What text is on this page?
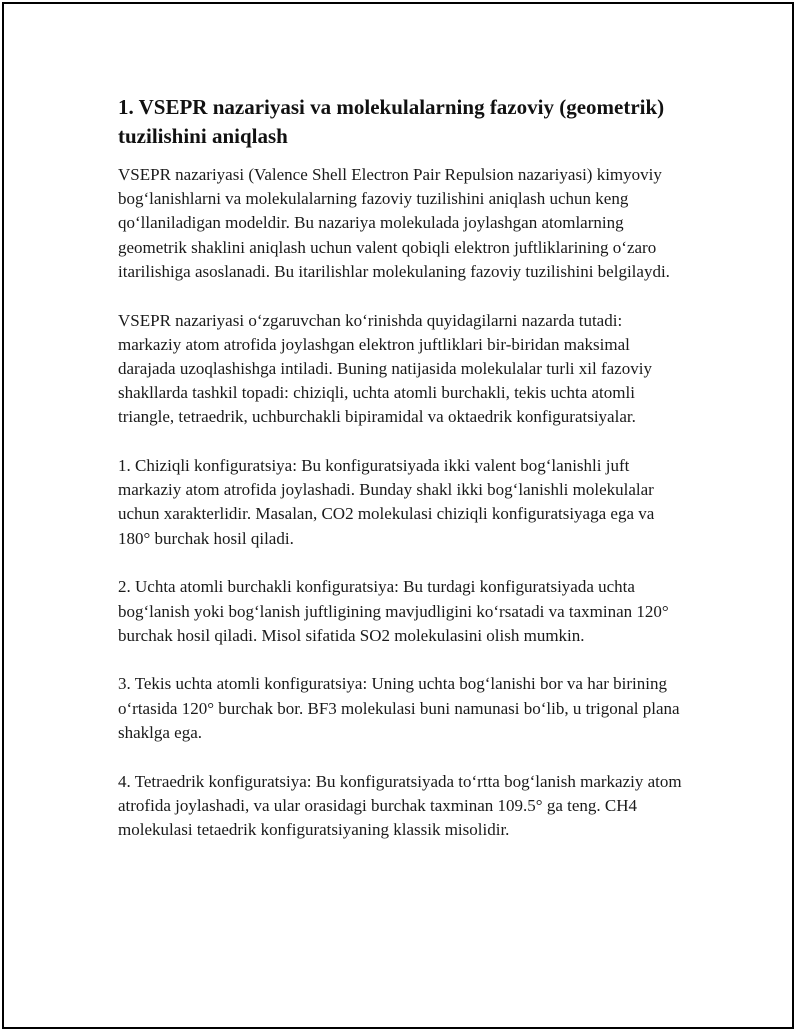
1. VSEPR nazariyasi va molekulalarning fazoviy (geometrik) tuzilishini aniqlash

VSEPR nazariyasi (Valence Shell Electron Pair Repulsion nazariyasi) kimyoviy bog‘lanishlarni va molekulalarning fazoviy tuzilishini aniqlash uchun keng qo‘llaniladigan modeldir. Bu nazariya molekulada joylashgan atomlarning geometrik shaklini aniqlash uchun valent qobiqli elektron juftliklarining o‘zaro itarilishiga asoslanadi. Bu itarilishlar molekulaning fazoviy tuzilishini belgilaydi.

VSEPR nazariyasi o‘zgaruvchan ko‘rinishda quyidagilarni nazarda tutadi: markaziy atom atrofida joylashgan elektron juftliklari bir-biridan maksimal darajada uzoqlashishga intiladi. Buning natijasida molekulalar turli xil fazoviy shakllarda tashkil topadi: chiziqli, uchta atomli burchakli, tekis uchta atomli triangle, tetraedrik, uchburchakli bipiramidal va oktaedrik konfiguratsiyalar.

1. Chiziqli konfiguratsiya: Bu konfiguratsiyada ikki valent bog‘lanishli juft markaziy atom atrofida joylashadi. Bunday shakl ikki bog‘lanishli molekulalar uchun xarakterlidir. Masalan, CO2 molekulasi chiziqli konfiguratsiyaga ega va 180° burchak hosil qiladi.

2. Uchta atomli burchakli konfiguratsiya: Bu turdagi konfiguratsiyada uchta bog‘lanish yoki bog‘lanish juftligining mavjudligini ko‘rsatadi va taxminan 120° burchak hosil qiladi. Misol sifatida SO2 molekulasini olish mumkin.

3. Tekis uchta atomli konfiguratsiya: Uning uchta bog‘lanishi bor va har birining o‘rtasida 120° burchak bor. BF3 molekulasi buni namunasi bo‘lib, u trigonal plana shaklga ega.

4. Tetraedrik konfiguratsiya: Bu konfiguratsiyada to‘rtta bog‘lanish markaziy atom atrofida joylashadi, va ular orasidagi burchak taxminan 109.5° ga teng. CH4 molekulasi tetaedrik konfiguratsiyaning klassik misolidir.
